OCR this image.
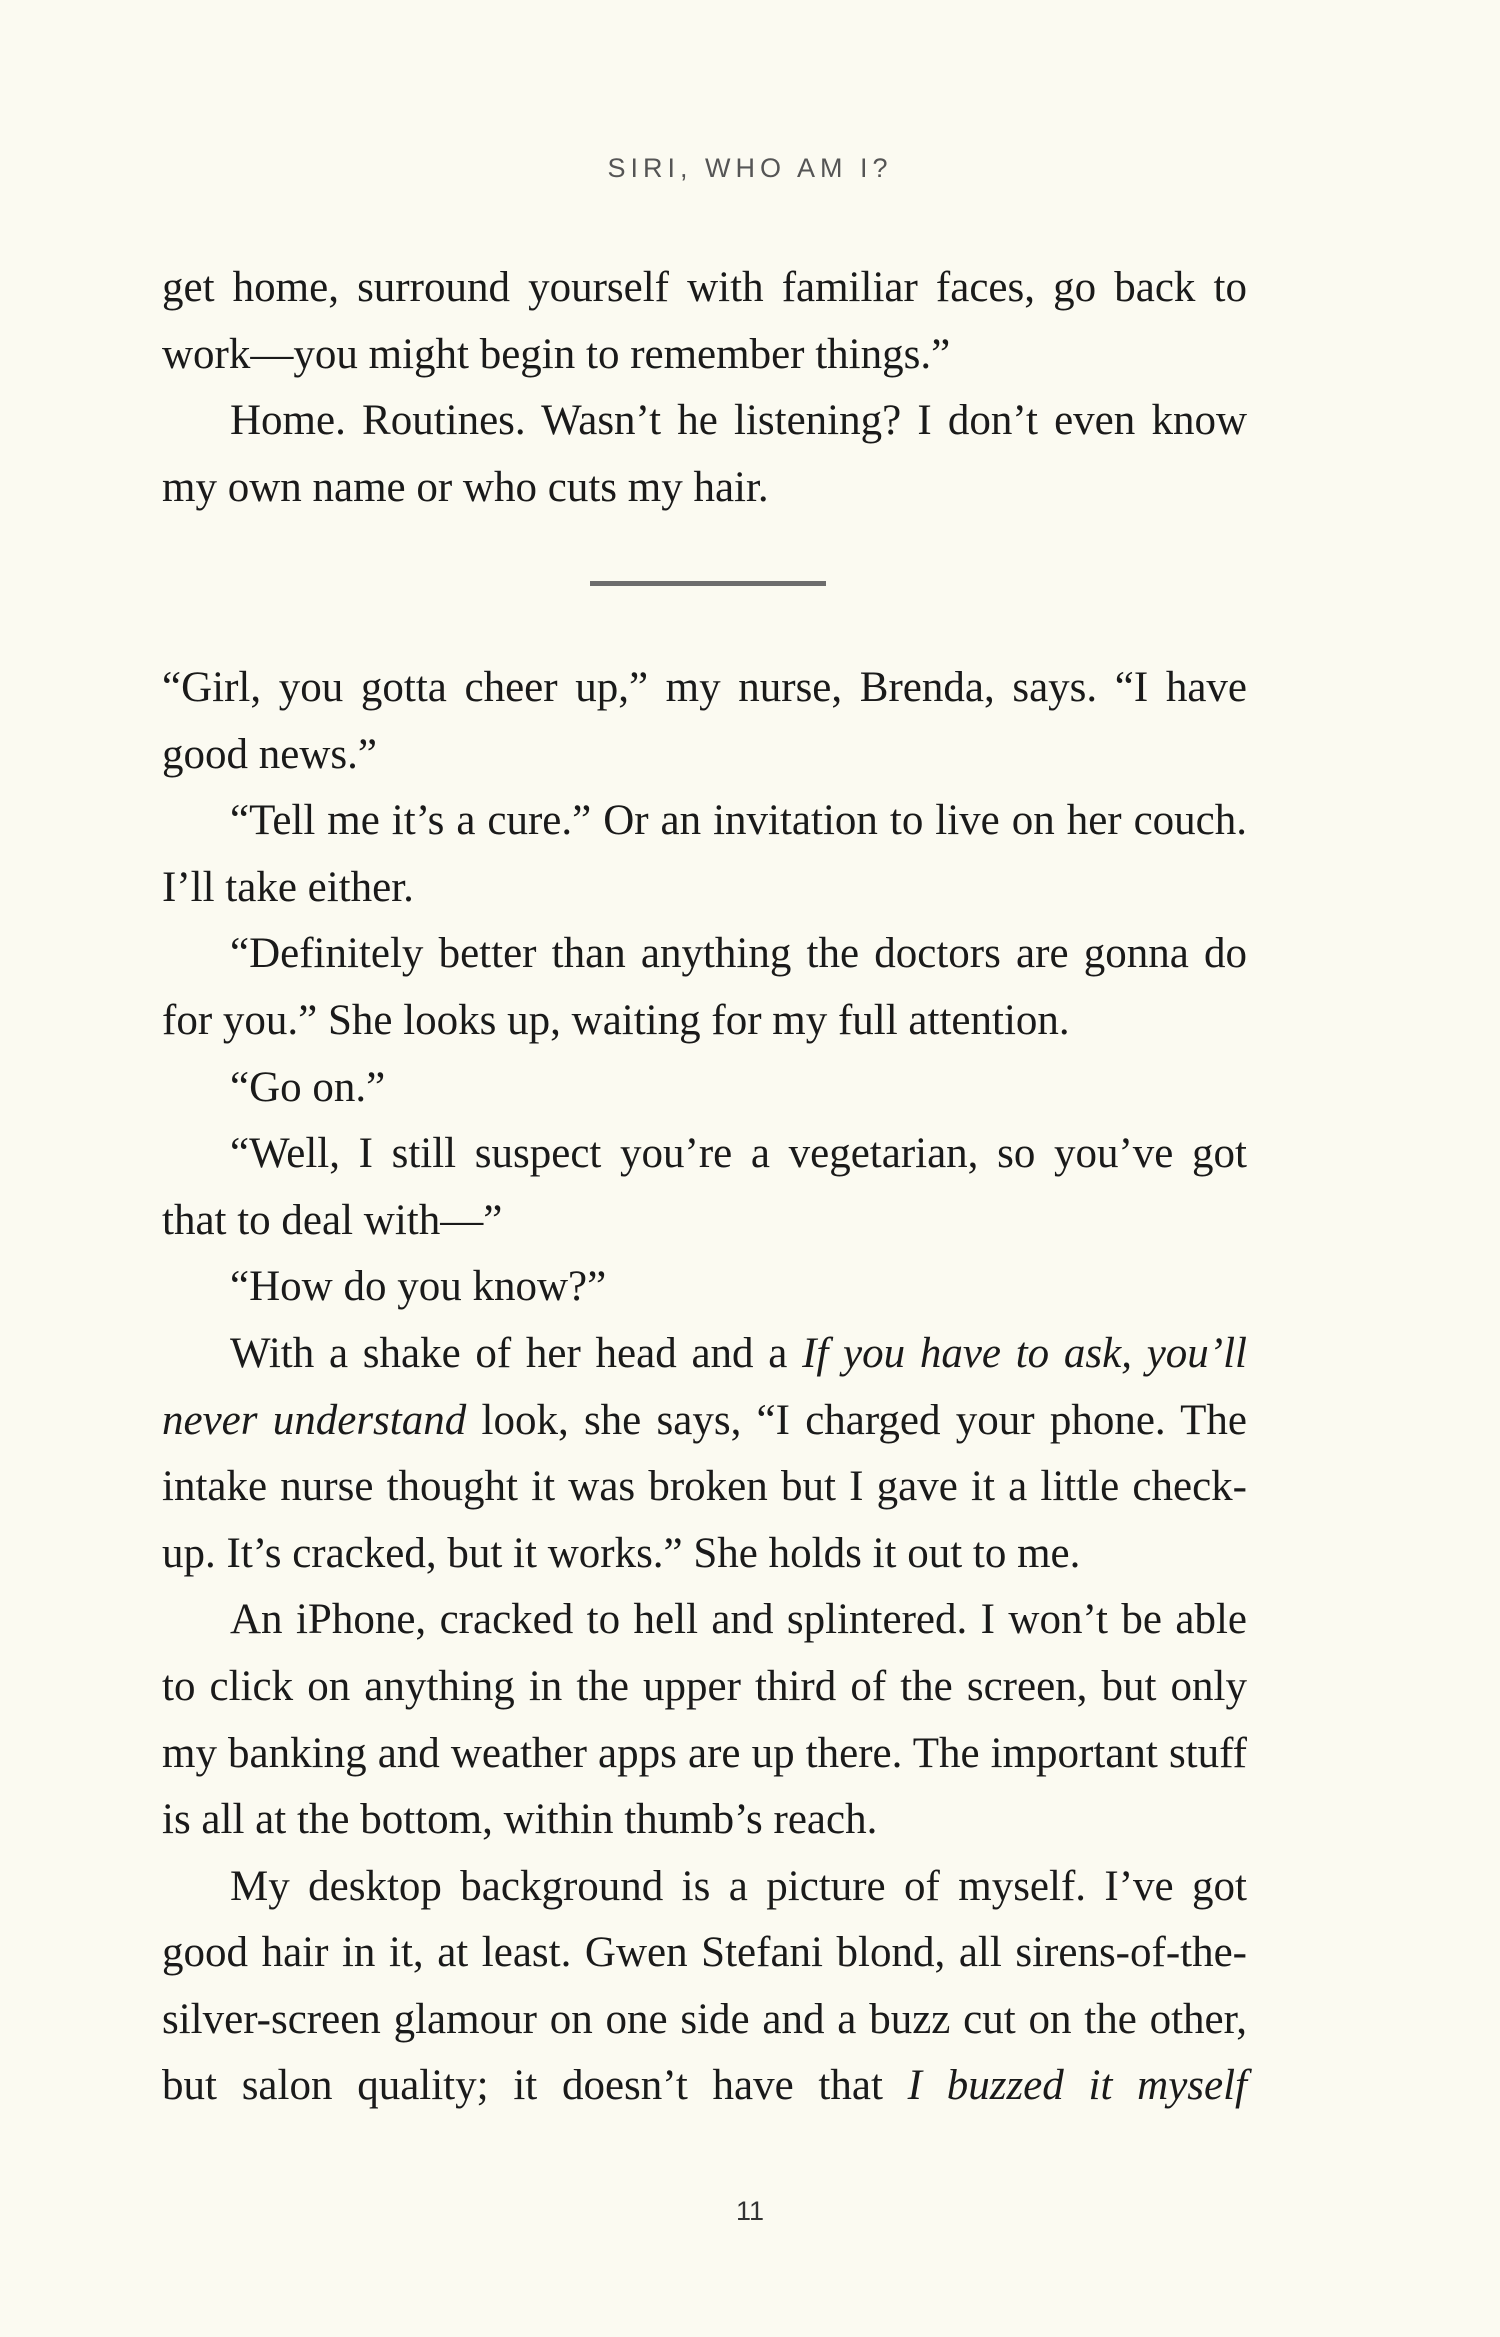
SIRI, WHO AM I?

get home, surround yourself with familiar faces, go back to work—you might begin to remember things.”

Home. Routines. Wasn’t he listening? I don’t even know my own name or who cuts my hair.

“Girl, you gotta cheer up,” my nurse, Brenda, says. “I have good news.”

“Tell me it’s a cure.” Or an invitation to live on her couch. I’ll take either.

“Definitely better than anything the doctors are gonna do for you.” She looks up, waiting for my full attention.

“Go on.”

“Well, I still suspect you’re a vegetarian, so you’ve got that to deal with—”

“How do you know?”

With a shake of her head and a If you have to ask, you’ll never understand look, she says, “I charged your phone. The intake nurse thought it was broken but I gave it a little check-up. It’s cracked, but it works.” She holds it out to me.

An iPhone, cracked to hell and splintered. I won’t be able to click on anything in the upper third of the screen, but only my banking and weather apps are up there. The important stuff is all at the bottom, within thumb’s reach.

My desktop background is a picture of myself. I’ve got good hair in it, at least. Gwen Stefani blond, all sirens-of-the-silver-screen glamour on one side and a buzz cut on the other, but salon quality; it doesn’t have that I buzzed it myself

11
